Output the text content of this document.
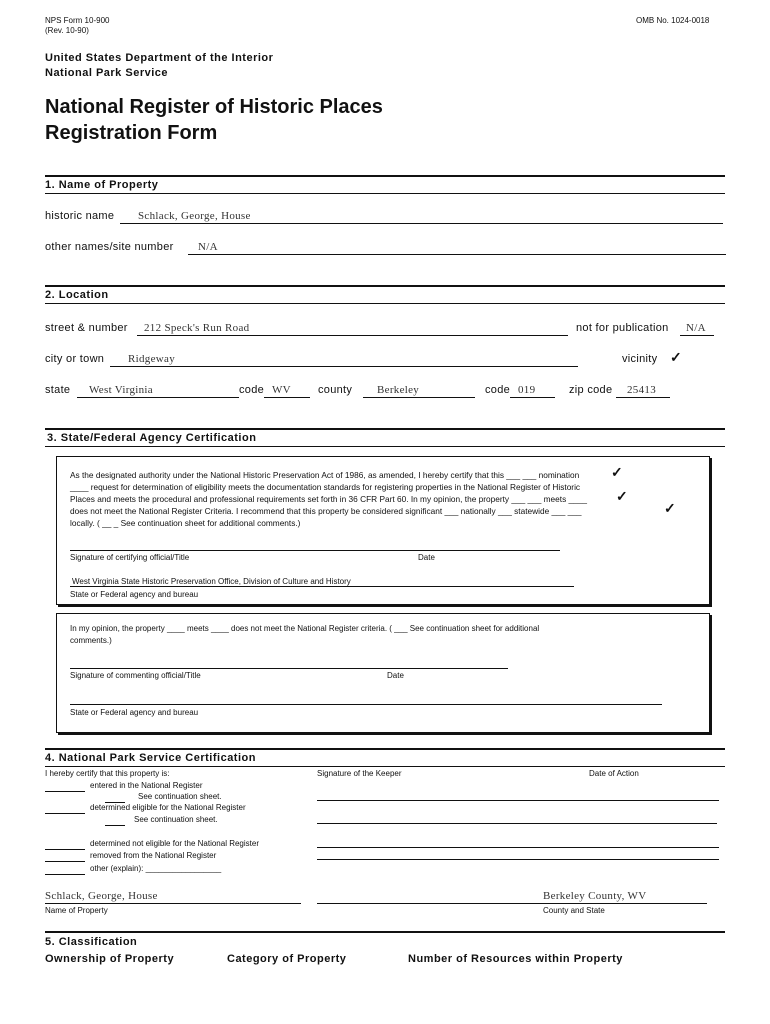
NPS Form 10-900
(Rev. 10-90)
OMB No. 1024-0018
United States Department of the Interior
National Park Service
National Register of Historic Places
Registration Form
1. Name of Property
historic name Schlack, George, House
other names/site number N/A
2. Location
street & number 212 Speck's Run Road	not for publication N/A
city or town Ridgeway	vicinity ✓
state West Virginia	code WV county Berkeley	code 019	zip code 25413
3. State/Federal Agency Certification
As the designated authority under the National Historic Preservation Act of 1986, as amended, I hereby certify that this ___ ___ nomination
____ request for determination of eligibility meets the documentation standards for registering properties in the National Register of Historic
Places and meets the procedural and professional requirements set forth in 36 CFR Part 60. In my opinion, the property ___ ___ meets ____
does not meet the National Register Criteria. I recommend that this property be considered significant ___ nationally ___ statewide ___ ___
locally. ( __ _ See continuation sheet for additional comments.)
✓
✓
✓
Signature of certifying official/Title	Date
West Virginia State Historic Preservation Office, Division of Culture and History
State or Federal agency and bureau
In my opinion, the property ____ meets ____ does not meet the National Register criteria. ( ___ See continuation sheet for additional
comments.)
Signature of commenting official/Title	Date
State or Federal agency and bureau
4. National Park Service Certification
I hereby certify that this property is:	Signature of the Keeper	Date of Action
entered in the National Register
See continuation sheet.
determined eligible for the National Register
See continuation sheet.
determined not eligible for the National Register
removed from the National Register
other (explain): _________________
Schlack, George, House
Name of Property
Berkeley County, WV
County and State
5. Classification
Ownership of Property	Category of Property	Number of Resources within Property
